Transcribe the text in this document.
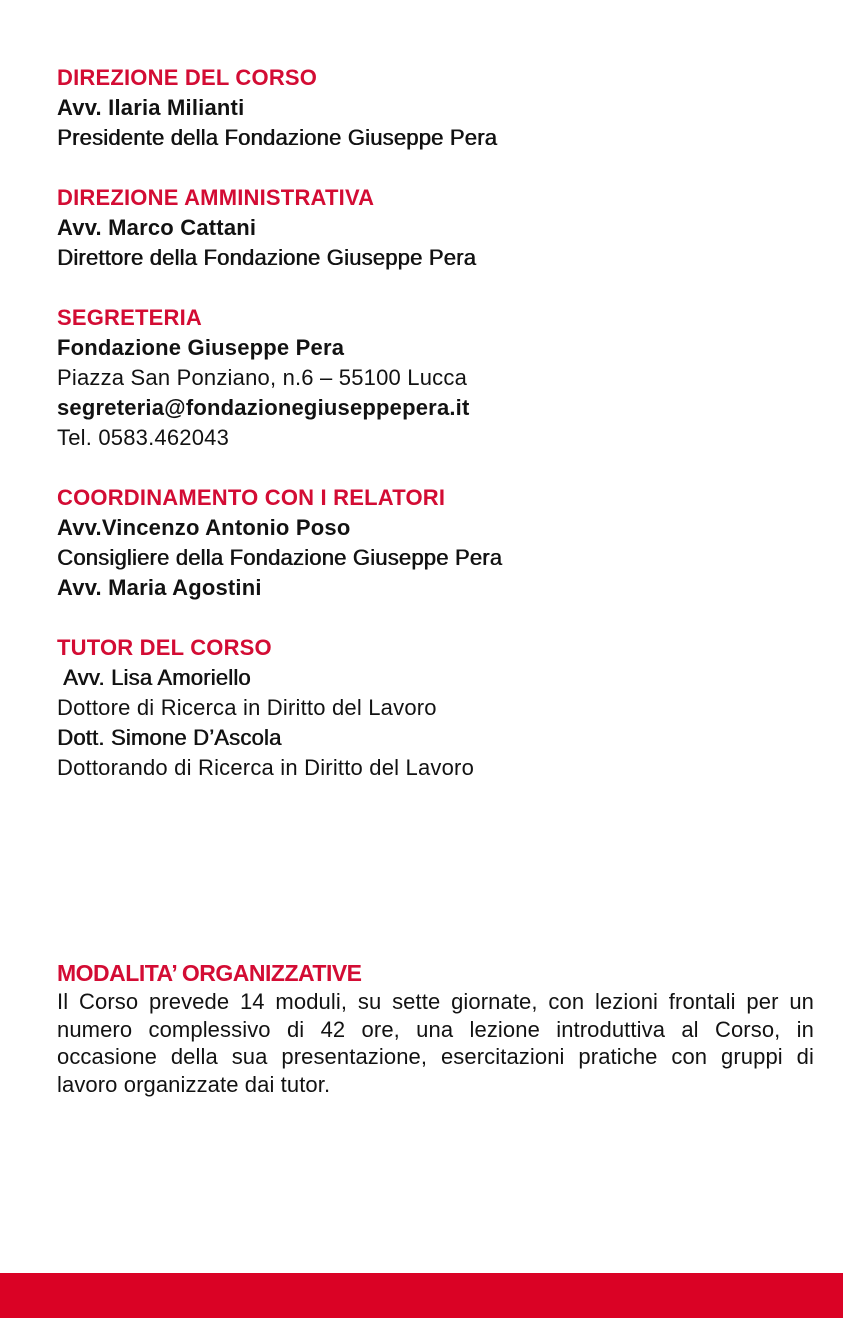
DIREZIONE DEL CORSO

Avv. Ilaria Milianti

Presidente della Fondazione Giuseppe Pera

DIREZIONE AMMINISTRATIVA

Avv. Marco Cattani

Direttore della Fondazione Giuseppe Pera

SEGRETERIA

Fondazione Giuseppe Pera

Piazza San Ponziano, n.6 – 55100 Lucca

segreteria@fondazionegiuseppepera.it

Tel. 0583.462043

COORDINAMENTO CON I RELATORI

Avv.Vincenzo Antonio Poso

Consigliere della Fondazione Giuseppe Pera

Avv. Maria Agostini

TUTOR DEL CORSO

Avv. Lisa Amoriello

Dottore di Ricerca in Diritto del Lavoro

Dott. Simone D’Ascola

Dottorando di Ricerca in Diritto del Lavoro

MODALITA’ ORGANIZZATIVE

Il Corso prevede 14 moduli, su sette giornate, con lezioni frontali per un numero complessivo di 42 ore, una lezione introduttiva al Corso, in occasione della sua presentazione, esercitazioni pratiche con gruppi di lavoro organizzate dai tutor.
